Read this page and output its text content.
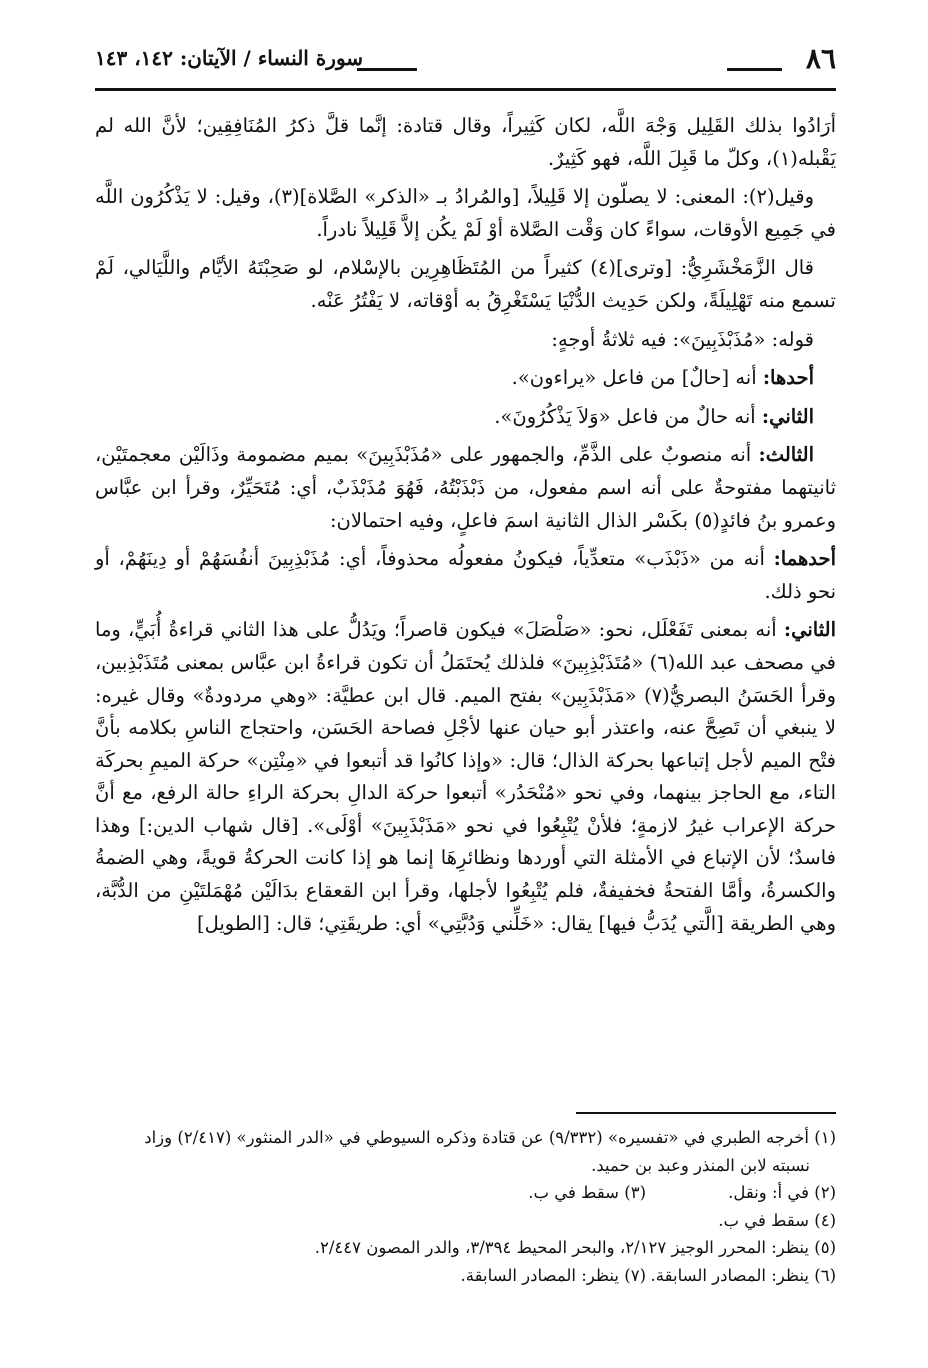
٨٦
سورة النساء / الآيتان: ١٤٢، ١٤٣

أرَادُوا بذلك القَلِيل وَجْهَ اللَّه، لكان كَثِيراً، وقال قتادة: إنَّما قلَّ ذكرُ المُنَافِقِين؛ لأنَّ الله لم يَقْبله(١)، وكلّ ما قَبِلَ اللَّه، فهو كَثِيرٌ.

وقيل(٢): المعنى: لا يصلّون إلا قَلِيلاً، [والمُرادُ بـ «الذكر» الصَّلاة](٣)، وقيل: لا يَذْكُرُون اللَّه في جَمِيع الأوقات، سواءً كان وَقْت الصَّلاة أوْ لَمْ يكُن إلاَّ قَلِيلاً نادراً.

قال الزَّمَخْشَرِيُّ: [وترى](٤) كثيراً من المُتَظَاهِرِين بالإسْلام، لو صَحِبْتَهُ الأيَّام واللَّيَالي، لَمْ تسمع منه تَهْلِيلَةً، ولكن حَدِيث الدُّنْيَا يَسْتَغْرِقُ به أوْقاته، لا يَفْتُرُ عَنْه.

قوله: «مُذَبْذَبِينَ»: فيه ثلاثةُ أوجهٍ:

أحدها: أنه [حالٌ] من فاعل «يراءون».

الثاني: أنه حالٌ من فاعل «وَلاَ يَذْكُرُونَ».

الثالث: أنه منصوبٌ على الذَّمِّ، والجمهور على «مُذَبْذَبِينَ» بميم مضمومة وذَالَيْن معجمتَيْن، ثانيتهما مفتوحةٌ على أنه اسم مفعول، من ذَبْذَبْتُهُ، فَهُوَ مُذَبْذَبٌ، أي: مُتَحَيِّرٌ، وقرأ ابن عبَّاس وعمرو بنُ فائدٍ(٥) بكَسْر الذال الثانية اسمَ فاعلٍ، وفيه احتمالان:

أحدهما: أنه من «ذَبْذَب» متعدِّياً، فيكونُ مفعولُه محذوفاً، أي: مُذَبْذِبِينَ أنفُسَهُمْ أو دِينَهُمْ، أو نحو ذلك.

الثاني: أنه بمعنى تَفَعْلَل، نحو: «صَلْصَلَ» فيكون قاصراً؛ ويَدُلُّ على هذا الثاني قراءةُ أُبَيٍّ، وما في مصحف عبد الله(٦) «مُتَذَبْذِبِينَ» فلذلك يُحتَمَلُ أن تكون قراءةُ ابن عبَّاس بمعنى مُتَذَبْذِبين، وقرأ الحَسَنُ البصريُّ(٧) «مَذَبْذَبِين» بفتح الميم. قال ابن عطيَّة: «وهي مردودةٌ» وقال غيره: لا ينبغي أن تَصِحَّ عنه، واعتذر أبو حيان عنها لأجْلِ فصاحة الحَسَن، واحتجاج الناسِ بكلامه بأنَّ فتْح الميم لأجل إتباعها بحركة الذال؛ قال: «وإذا كانُوا قد أتبعوا في «مِنْتِن» حركة الميمِ بحركَة التاء، مع الحاجز بينهما، وفي نحو «مُنْحَدُر» أتبعوا حركة الدالِ بحركة الراءِ حالة الرفع، مع أنَّ حركة الإعراب غيرُ لازمةٍ؛ فلأنْ يُتْبِعُوا في نحو «مَذَبْذَبِينَ» أوْلَى». [قال شهاب الدين:] وهذا فاسدٌ؛ لأن الإتباع في الأمثلة التي أوردها ونظائرِهَا إنما هو إذا كانت الحركةُ قويةً، وهي الضمةُ والكسرةُ، وأمَّا الفتحةُ فخفيفةٌ، فلم يُتْبِعُوا لأجلها، وقرأ ابن القعقاع بدَالَيْن مُهْمَلتَيْنِ من الدُّبَّة، وهي الطريقة [الَّتي يُدَبُّ فيها] يقال: «خَلِّني وَدُبَّتِي» أي: طريقَتِي؛ قال: [الطويل]

(١) أخرجه الطبري في «تفسيره» (٩/٣٣٢) عن قتادة وذكره السيوطي في «الدر المنثور» (٢/٤١٧) وزاد

نسبته لابن المنذر وعبد بن حميد.

(٢) في أ: ونقل.(٣) سقط في ب.

(٤) سقط في ب.

(٥) ينظر: المحرر الوجيز ٢/١٢٧، والبحر المحيط ٣/٣٩٤، والدر المصون ٢/٤٤٧.

(٦) ينظر: المصادر السابقة.(٧) ينظر: المصادر السابقة.
